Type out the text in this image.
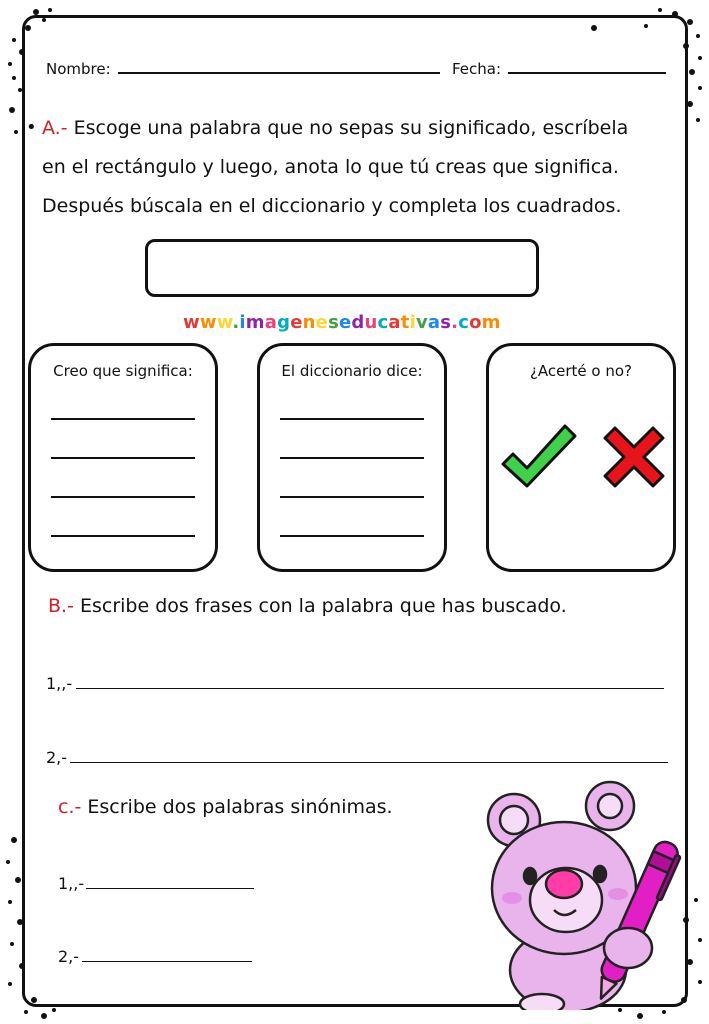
Nombre:	Fecha:
• A.- Escoge una palabra que no sepas su significado, escríbela
en el rectángulo y luego, anota lo que tú creas que significa.
Después búscala en el diccionario y completa los cuadrados.
www.imageneseducativas.com
Creo que significa:	El diccionario dice:	¿Acerté o no?
B.- Escribe dos frases con la palabra que has buscado.
1,,-
2,-
c.- Escribe dos palabras sinónimas.
1,,-
2,-
